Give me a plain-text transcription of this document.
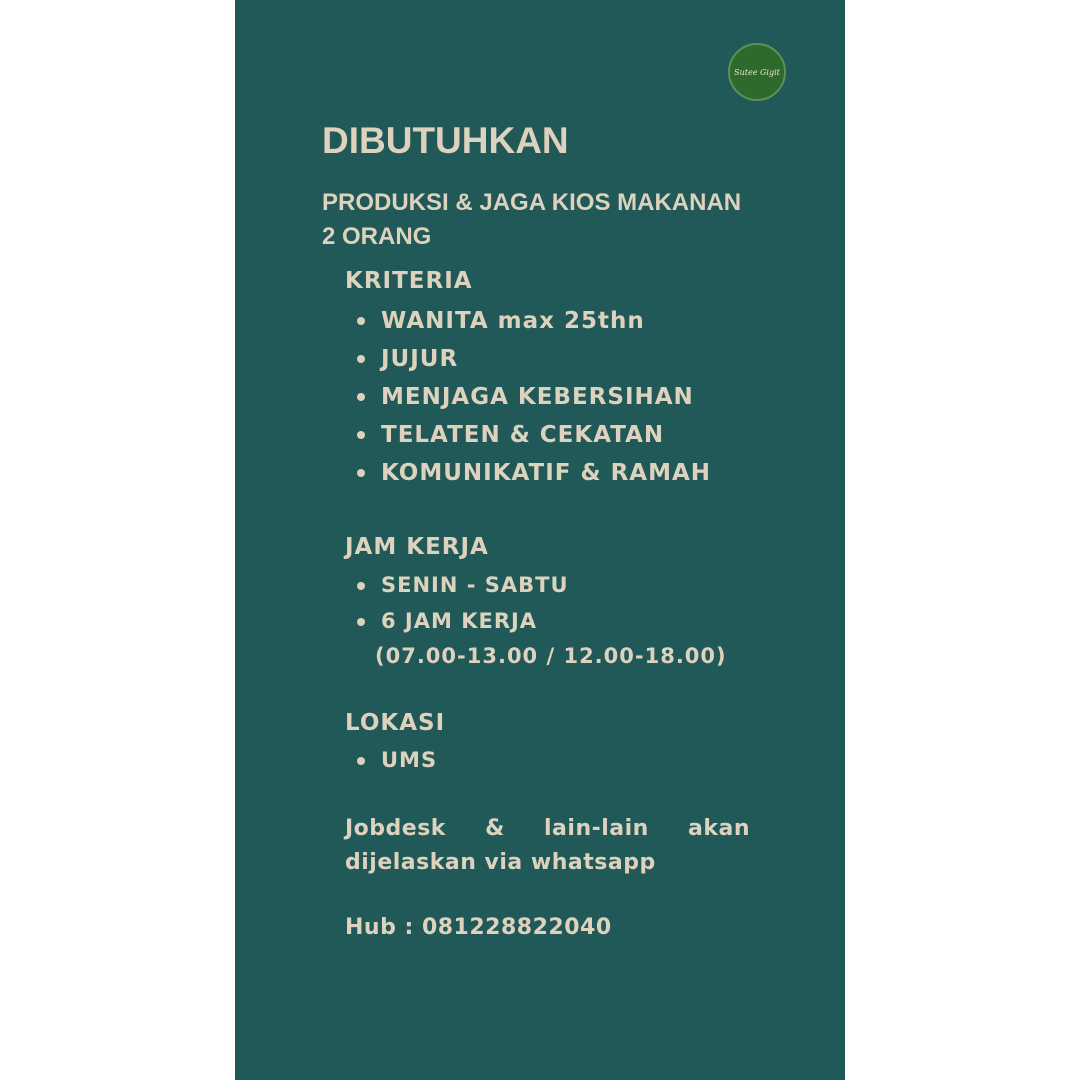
Sutee Gigit
DIBUTUHKAN
PRODUKSI & JAGA KIOS MAKANAN
2 ORANG
KRITERIA
WANITA max 25thn
JUJUR
MENJAGA KEBERSIHAN
TELATEN & CEKATAN
KOMUNIKATIF & RAMAH
JAM KERJA
SENIN - SABTU
6 JAM KERJA
(07.00-13.00 / 12.00-18.00)
LOKASI
UMS
Jobdesk & lain-lain akan
dijelaskan via whatsapp
Hub : 081228822040
